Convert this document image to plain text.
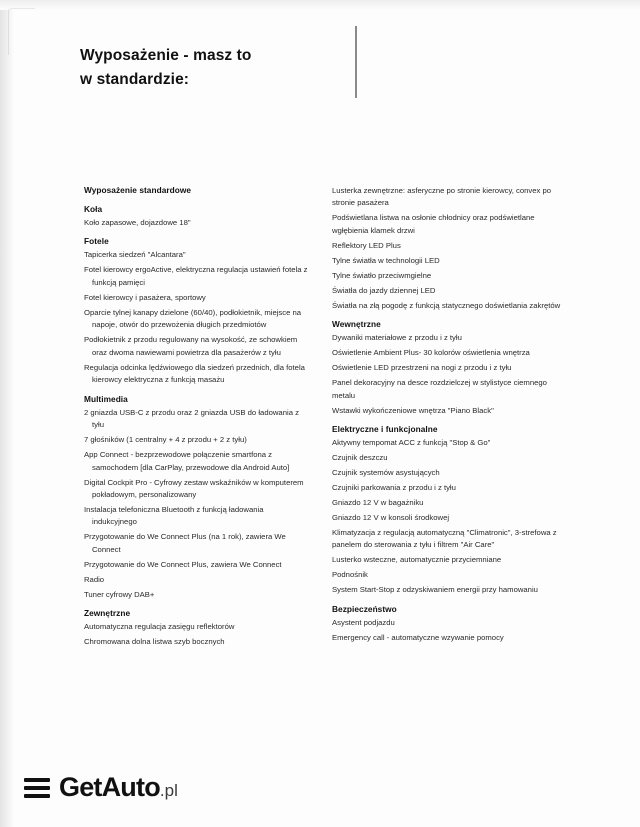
Wyposażenie - masz to
w standardzie:
Wyposażenie standardowe
Koła
Koło zapasowe, dojazdowe 18"
Fotele
Tapicerka siedzeń "Alcantara"
Fotel kierowcy ergoActive, elektryczna regulacja ustawień fotela z funkcją pamięci
Fotel kierowcy i pasażera, sportowy
Oparcie tylnej kanapy dzielone (60/40), podłokietnik, miejsce na napoje, otwór do przewożenia długich przedmiotów
Podłokietnik z przodu regulowany na wysokość, ze schowkiem oraz dwoma nawiewami powietrza dla pasażerów z tyłu
Regulacja odcinka lędźwiowego dla siedzeń przednich, dla fotela kierowcy elektryczna z funkcją masażu
Multimedia
2 gniazda USB-C z przodu oraz 2 gniazda USB do ładowania z tyłu
7 głośników (1 centralny + 4 z przodu + 2 z tyłu)
App Connect - bezprzewodowe połączenie smartfona z samochodem [dla CarPlay, przewodowe dla Android Auto]
Digital Cockpit Pro - Cyfrowy zestaw wskaźników w komputerem pokładowym, personalizowany
Instalacja telefoniczna Bluetooth z funkcją ładowania indukcyjnego
Przygotowanie do We Connect Plus (na 1 rok), zawiera We Connect
Przygotowanie do We Connect Plus, zawiera We Connect
Radio
Tuner cyfrowy DAB+
Zewnętrzne
Automatyczna regulacja zasięgu reflektorów
Chromowana dolna listwa szyb bocznych
Lusterka zewnętrzne: asferyczne po stronie kierowcy, convex po stronie pasażera
Podświetlana listwa na osłonie chłodnicy oraz podświetlane wgłębienia klamek drzwi
Reflektory LED Plus
Tylne światła w technologii LED
Tylne światło przeciwmgielne
Światła do jazdy dziennej LED
Światła na złą pogodę z funkcją statycznego doświetlania zakrętów
Wewnętrzne
Dywaniki materiałowe z przodu i z tyłu
Oświetlenie Ambient Plus- 30 kolorów oświetlenia wnętrza
Oświetlenie LED przestrzeni na nogi z przodu i z tyłu
Panel dekoracyjny na desce rozdzielczej w stylistyce ciemnego metalu
Wstawki wykończeniowe wnętrza "Piano Black"
Elektryczne i funkcjonalne
Aktywny tempomat ACC z funkcją "Stop & Go"
Czujnik deszczu
Czujnik systemów asystujących
Czujniki parkowania z przodu i z tyłu
Gniazdo 12 V w bagażniku
Gniazdo 12 V w konsoli środkowej
Klimatyzacja z regulacją automatyczną "Climatronic", 3-strefowa z panelem do sterowania z tyłu i filtrem "Air Care"
Lusterko wsteczne, automatycznie przyciemniane
Podnośnik
System Start-Stop z odzyskiwaniem energii przy hamowaniu
Bezpieczeństwo
Asystent podjazdu
Emergency call - automatyczne wzywanie pomocy
GetAuto.pl
